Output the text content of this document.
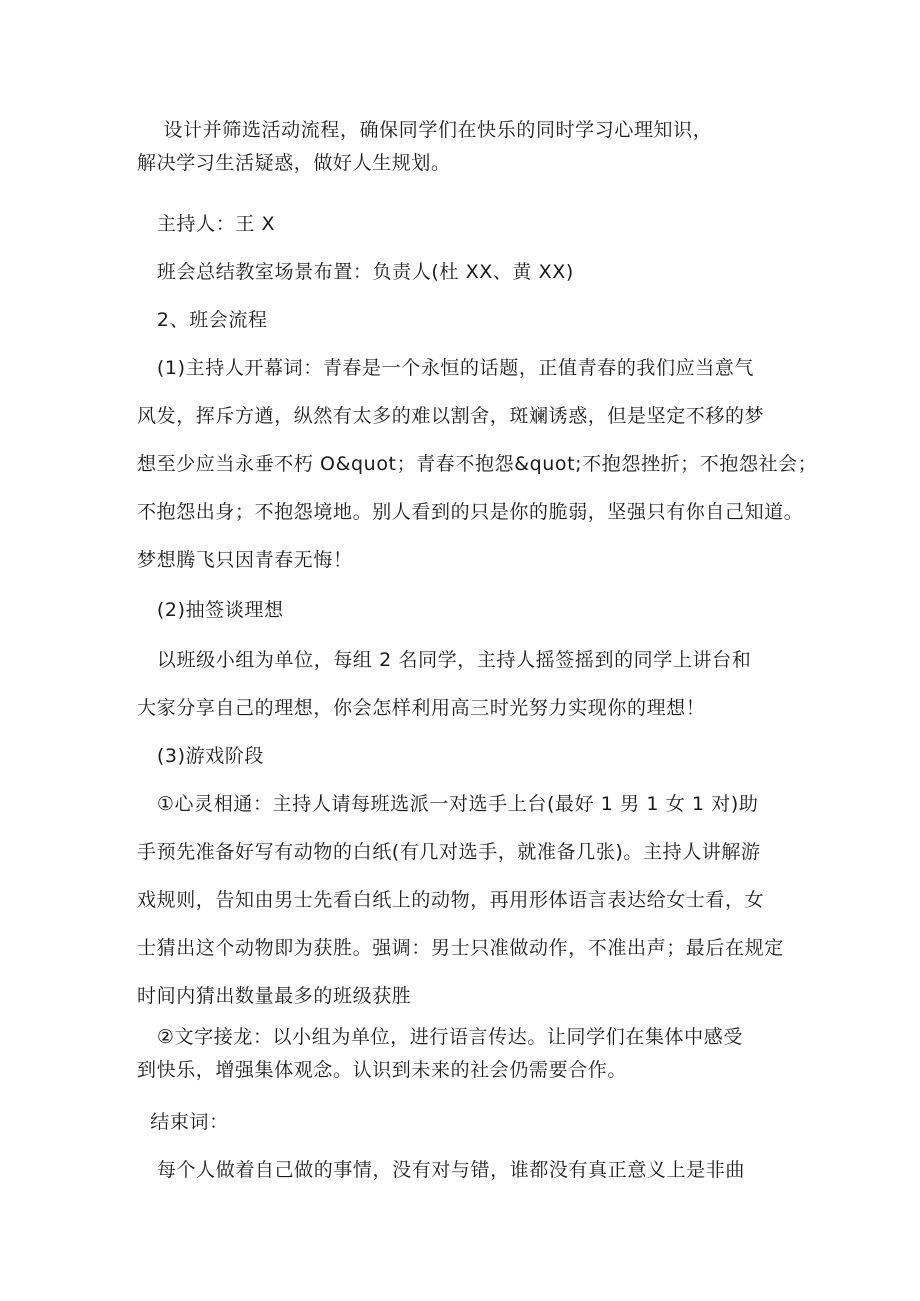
设计并筛选活动流程，确保同学们在快乐的同时学习心理知识，
解决学习生活疑惑，做好人生规划。
主持人：王 X
班会总结教室场景布置：负责人(杜 XX、黄 XX)
2、班会流程
(1)主持人开幕词：青春是一个永恒的话题，正值青春的我们应当意气
风发，挥斥方遒，纵然有太多的难以割舍，斑斓诱惑，但是坚定不移的梦
想至少应当永垂不朽 O&quot；青春不抱怨&quot;不抱怨挫折；不抱怨社会；
不抱怨出身；不抱怨境地。别人看到的只是你的脆弱，坚强只有你自己知道。
梦想腾飞只因青春无悔！
(2)抽签谈理想
以班级小组为单位，每组 2 名同学，主持人摇签摇到的同学上讲台和
大家分享自己的理想，你会怎样利用高三时光努力实现你的理想！
(3)游戏阶段
①心灵相通：主持人请每班选派一对选手上台(最好 1 男 1 女 1 对)助
手预先准备好写有动物的白纸(有几对选手，就准备几张)。主持人讲解游
戏规则，告知由男士先看白纸上的动物，再用形体语言表达给女士看，女
士猜出这个动物即为获胜。强调：男士只准做动作，不准出声；最后在规定
时间内猜出数量最多的班级获胜
②文字接龙：以小组为单位，进行语言传达。让同学们在集体中感受
到快乐，增强集体观念。认识到未来的社会仍需要合作。
结束词：
每个人做着自己做的事情，没有对与错，谁都没有真正意义上是非曲
